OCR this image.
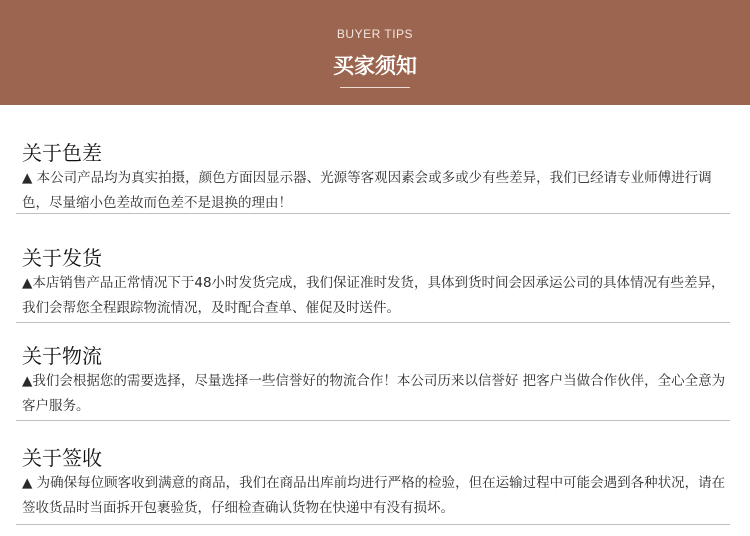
BUYER TIPS
买家须知
关于色差
▲ 本公司产品均为真实拍摄，颜色方面因显示器、光源等客观因素会或多或少有些差异，我们已经请专业师傅进行调色，尽量缩小色差故而色差不是退换的理由！
关于发货
▲本店销售产品正常情况下于48小时发货完成，我们保证准时发货，具体到货时间会因承运公司的具体情况有些差异，我们会帮您全程跟踪物流情况，及时配合查单、催促及时送件。
关于物流
▲我们会根据您的需要选择，尽量选择一些信誉好的物流合作！本公司历来以信誉好 把客户当做合作伙伴，全心全意为客户服务。
关于签收
▲ 为确保每位顾客收到满意的商品，我们在商品出库前均进行严格的检验，但在运输过程中可能会遇到各种状况，请在签收货品时当面拆开包裹验货，仔细检查确认货物在快递中有没有损坏。
